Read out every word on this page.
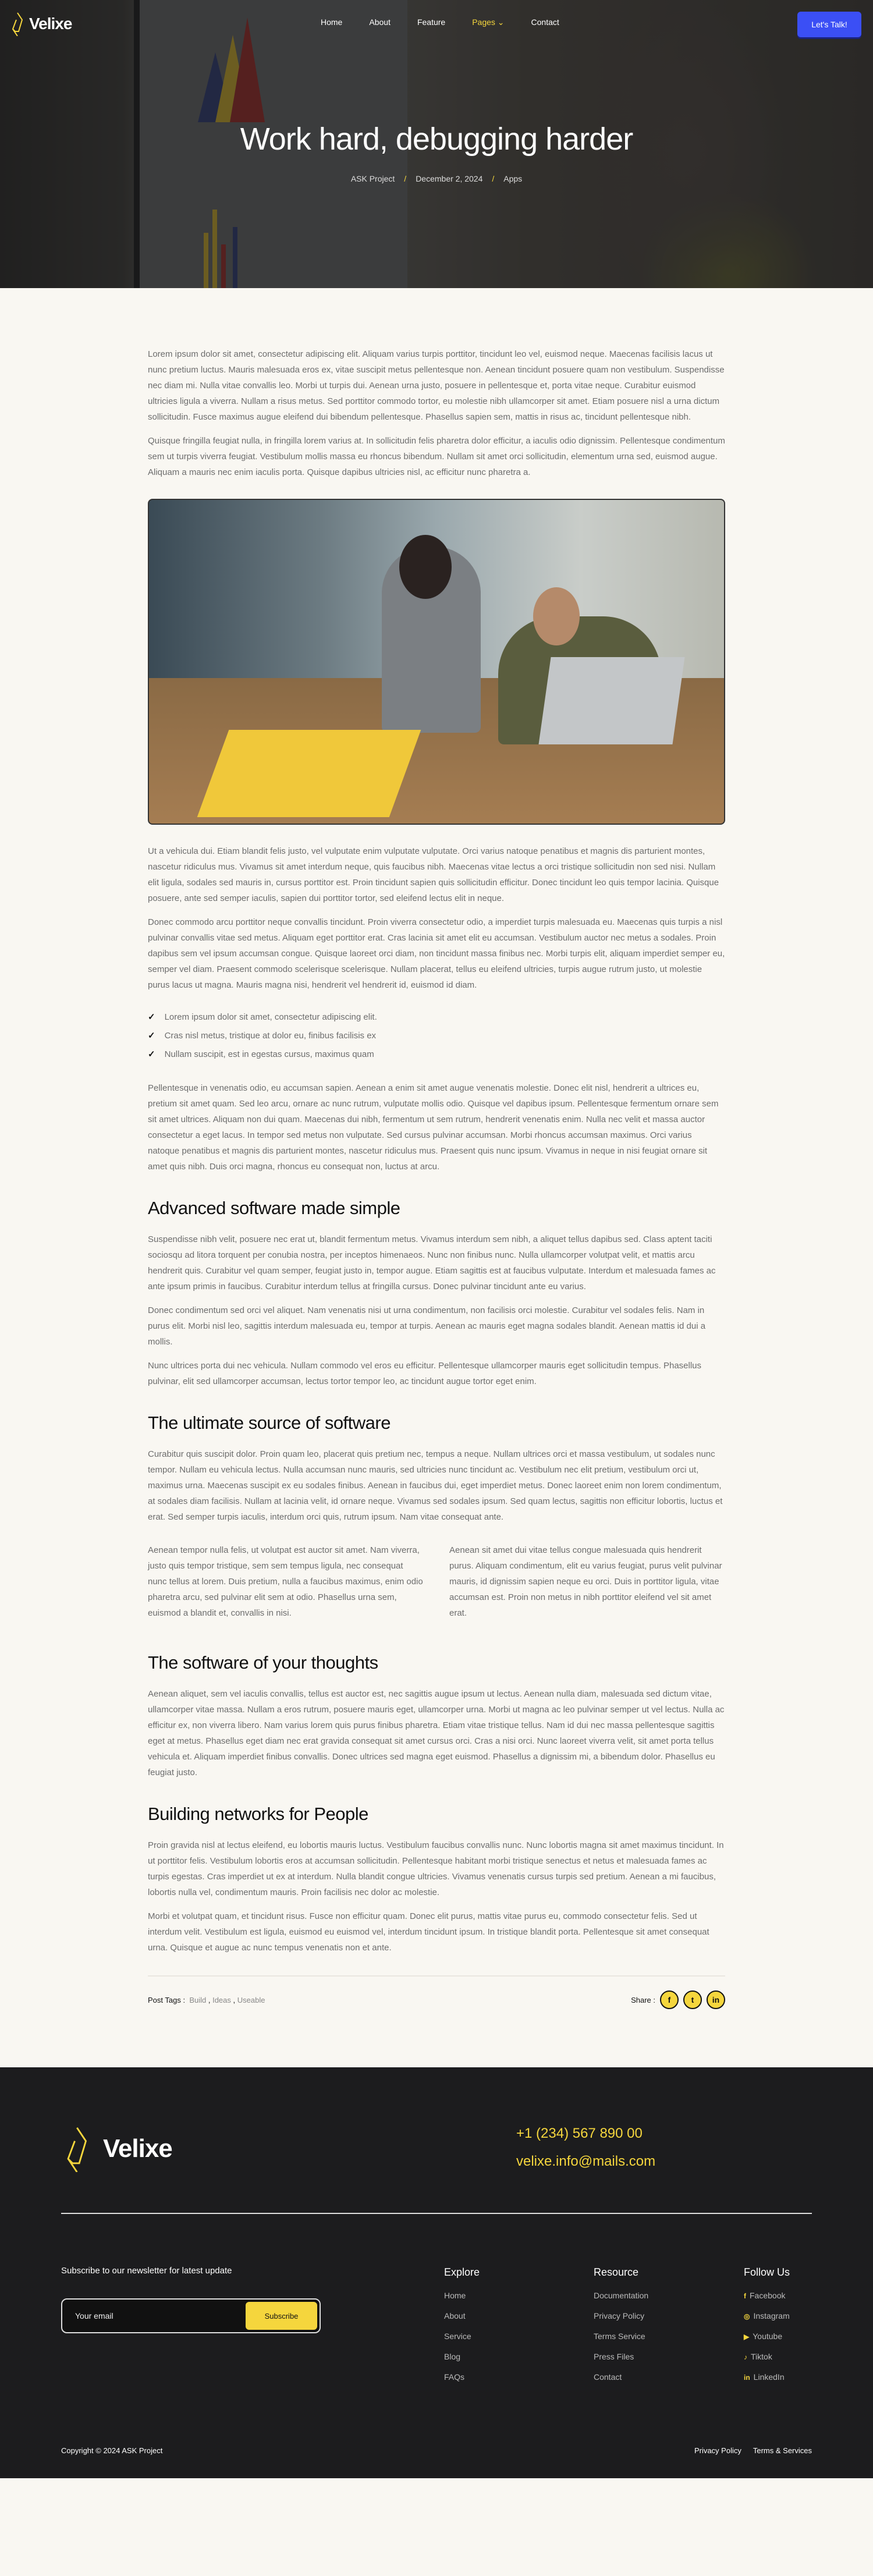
Velixe	Home	About	Feature	Pages ⌄	Contact	Let's Talk!
Work hard, debugging harder
ASK Project / December 2, 2024 / Apps

Lorem ipsum dolor sit amet, consectetur adipiscing elit. Aliquam varius turpis porttitor, tincidunt leo vel, euismod neque. Maecenas facilisis lacus ut nunc pretium luctus. Mauris malesuada eros ex, vitae suscipit metus pellentesque non. Aenean tincidunt posuere quam non vestibulum. Suspendisse nec diam mi. Nulla vitae convallis leo. Morbi ut turpis dui. Aenean urna justo, posuere in pellentesque et, porta vitae neque. Curabitur euismod ultricies ligula a viverra. Nullam a risus metus. Sed porttitor commodo tortor, eu molestie nibh ullamcorper sit amet. Etiam posuere nisl a urna dictum sollicitudin. Fusce maximus augue eleifend dui bibendum pellentesque. Phasellus sapien sem, mattis in risus ac, tincidunt pellentesque nibh.

Quisque fringilla feugiat nulla, in fringilla lorem varius at. In sollicitudin felis pharetra dolor efficitur, a iaculis odio dignissim. Pellentesque condimentum sem ut turpis viverra feugiat. Vestibulum mollis massa eu rhoncus bibendum. Nullam sit amet orci sollicitudin, elementum urna sed, euismod augue. Aliquam a mauris nec enim iaculis porta. Quisque dapibus ultricies nisl, ac efficitur nunc pharetra a.

Ut a vehicula dui. Etiam blandit felis justo, vel vulputate enim vulputate vulputate. Orci varius natoque penatibus et magnis dis parturient montes, nascetur ridiculus mus. Vivamus sit amet interdum neque, quis faucibus nibh. Maecenas vitae lectus a orci tristique sollicitudin non sed nisi. Nullam elit ligula, sodales sed mauris in, cursus porttitor est. Proin tincidunt sapien quis sollicitudin efficitur. Donec tincidunt leo quis tempor lacinia. Quisque posuere, ante sed semper iaculis, sapien dui porttitor tortor, sed eleifend lectus elit in neque.

Donec commodo arcu porttitor neque convallis tincidunt. Proin viverra consectetur odio, a imperdiet turpis malesuada eu. Maecenas quis turpis a nisl pulvinar convallis vitae sed metus. Aliquam eget porttitor erat. Cras lacinia sit amet elit eu accumsan. Vestibulum auctor nec metus a sodales. Proin dapibus sem vel ipsum accumsan congue. Quisque laoreet orci diam, non tincidunt massa finibus nec. Morbi turpis elit, aliquam imperdiet semper eu, semper vel diam. Praesent commodo scelerisque scelerisque. Nullam placerat, tellus eu eleifend ultricies, turpis augue rutrum justo, ut molestie purus lacus ut magna. Mauris magna nisi, hendrerit vel hendrerit id, euismod id diam.

✓ Lorem ipsum dolor sit amet, consectetur adipiscing elit.
✓ Cras nisl metus, tristique at dolor eu, finibus facilisis ex
✓ Nullam suscipit, est in egestas cursus, maximus quam

Pellentesque in venenatis odio, eu accumsan sapien. Aenean a enim sit amet augue venenatis molestie. Donec elit nisl, hendrerit a ultrices eu, pretium sit amet quam. Sed leo arcu, ornare ac nunc rutrum, vulputate mollis odio. Quisque vel dapibus ipsum. Pellentesque fermentum ornare sem sit amet ultrices. Aliquam non dui quam. Maecenas dui nibh, fermentum ut sem rutrum, hendrerit venenatis enim. Nulla nec velit et massa auctor consectetur a eget lacus. In tempor sed metus non vulputate. Sed cursus pulvinar accumsan. Morbi rhoncus accumsan maximus. Orci varius natoque penatibus et magnis dis parturient montes, nascetur ridiculus mus. Praesent quis nunc ipsum. Vivamus in neque in nisi feugiat ornare sit amet quis nibh. Duis orci magna, rhoncus eu consequat non, luctus at arcu.

Advanced software made simple

Suspendisse nibh velit, posuere nec erat ut, blandit fermentum metus. Vivamus interdum sem nibh, a aliquet tellus dapibus sed. Class aptent taciti sociosqu ad litora torquent per conubia nostra, per inceptos himenaeos. Nunc non finibus nunc. Nulla ullamcorper volutpat velit, et mattis arcu hendrerit quis. Curabitur vel quam semper, feugiat justo in, tempor augue. Etiam sagittis est at faucibus vulputate. Interdum et malesuada fames ac ante ipsum primis in faucibus. Curabitur interdum tellus at fringilla cursus. Donec pulvinar tincidunt ante eu varius.

Donec condimentum sed orci vel aliquet. Nam venenatis nisi ut urna condimentum, non facilisis orci molestie. Curabitur vel sodales felis. Nam in purus elit. Morbi nisl leo, sagittis interdum malesuada eu, tempor at turpis. Aenean ac mauris eget magna sodales blandit. Aenean mattis id dui a mollis.

Nunc ultrices porta dui nec vehicula. Nullam commodo vel eros eu efficitur. Pellentesque ullamcorper mauris eget sollicitudin tempus. Phasellus pulvinar, elit sed ullamcorper accumsan, lectus tortor tempor leo, ac tincidunt augue tortor eget enim.

The ultimate source of software

Curabitur quis suscipit dolor. Proin quam leo, placerat quis pretium nec, tempus a neque. Nullam ultrices orci et massa vestibulum, ut sodales nunc tempor. Nullam eu vehicula lectus. Nulla accumsan nunc mauris, sed ultricies nunc tincidunt ac. Vestibulum nec elit pretium, vestibulum orci ut, maximus urna. Maecenas suscipit ex eu sodales finibus. Aenean in faucibus dui, eget imperdiet metus. Donec laoreet enim non lorem condimentum, at sodales diam facilisis. Nullam at lacinia velit, id ornare neque. Vivamus sed sodales ipsum. Sed quam lectus, sagittis non efficitur lobortis, luctus et erat. Sed semper turpis iaculis, interdum orci quis, rutrum ipsum. Nam vitae consequat ante.

Aenean tempor nulla felis, ut volutpat est auctor sit amet. Nam viverra, justo quis tempor tristique, sem sem tempus ligula, nec consequat nunc tellus at lorem. Duis pretium, nulla a faucibus maximus, enim odio pharetra arcu, sed pulvinar elit sem at odio. Phasellus urna sem, euismod a blandit et, convallis in nisi.

Aenean sit amet dui vitae tellus congue malesuada quis hendrerit purus. Aliquam condimentum, elit eu varius feugiat, purus velit pulvinar mauris, id dignissim sapien neque eu orci. Duis in porttitor ligula, vitae accumsan est. Proin non metus in nibh porttitor eleifend vel sit amet erat.

The software of your thoughts

Aenean aliquet, sem vel iaculis convallis, tellus est auctor est, nec sagittis augue ipsum ut lectus. Aenean nulla diam, malesuada sed dictum vitae, ullamcorper vitae massa. Nullam a eros rutrum, posuere mauris eget, ullamcorper urna. Morbi ut magna ac leo pulvinar semper ut vel lectus. Nulla ac efficitur ex, non viverra libero. Nam varius lorem quis purus finibus pharetra. Etiam vitae tristique tellus. Nam id dui nec massa pellentesque sagittis eget at metus. Phasellus eget diam nec erat gravida consequat sit amet cursus orci. Cras a nisi orci. Nunc laoreet viverra velit, sit amet porta tellus vehicula et. Aliquam imperdiet finibus convallis. Donec ultrices sed magna eget euismod. Phasellus a dignissim mi, a bibendum dolor. Phasellus eu feugiat justo.

Building networks for People

Proin gravida nisl at lectus eleifend, eu lobortis mauris luctus. Vestibulum faucibus convallis nunc. Nunc lobortis magna sit amet maximus tincidunt. In ut porttitor felis. Vestibulum lobortis eros at accumsan sollicitudin. Pellentesque habitant morbi tristique senectus et netus et malesuada fames ac turpis egestas. Cras imperdiet ut ex at interdum. Nulla blandit congue ultricies. Vivamus venenatis cursus turpis sed pretium. Aenean a mi faucibus, lobortis nulla vel, condimentum mauris. Proin facilisis nec dolor ac molestie.

Morbi et volutpat quam, et tincidunt risus. Fusce non efficitur quam. Donec elit purus, mattis vitae purus eu, commodo consectetur felis. Sed ut interdum velit. Vestibulum est ligula, euismod eu euismod vel, interdum tincidunt ipsum. In tristique blandit porta. Pellentesque sit amet consequat urna. Quisque et augue ac nunc tempus venenatis non et ante.

Post Tags : Build , Ideas , Useable	Share :	f	t	in
Velixe
+1 (234) 567 890 00
velixe.info@mails.com
Subscribe to our newsletter for latest update
Your email
Subscribe
Explore
Home
About
Service
Blog
FAQs
Resource
Documentation
Privacy Policy
Terms Service
Press Files
Contact
Follow Us
f Facebook
◎ Instagram
▶ Youtube
♪ Tiktok
in LinkedIn
Copyright © 2024 ASK Project	Privacy Policy Terms & Services
